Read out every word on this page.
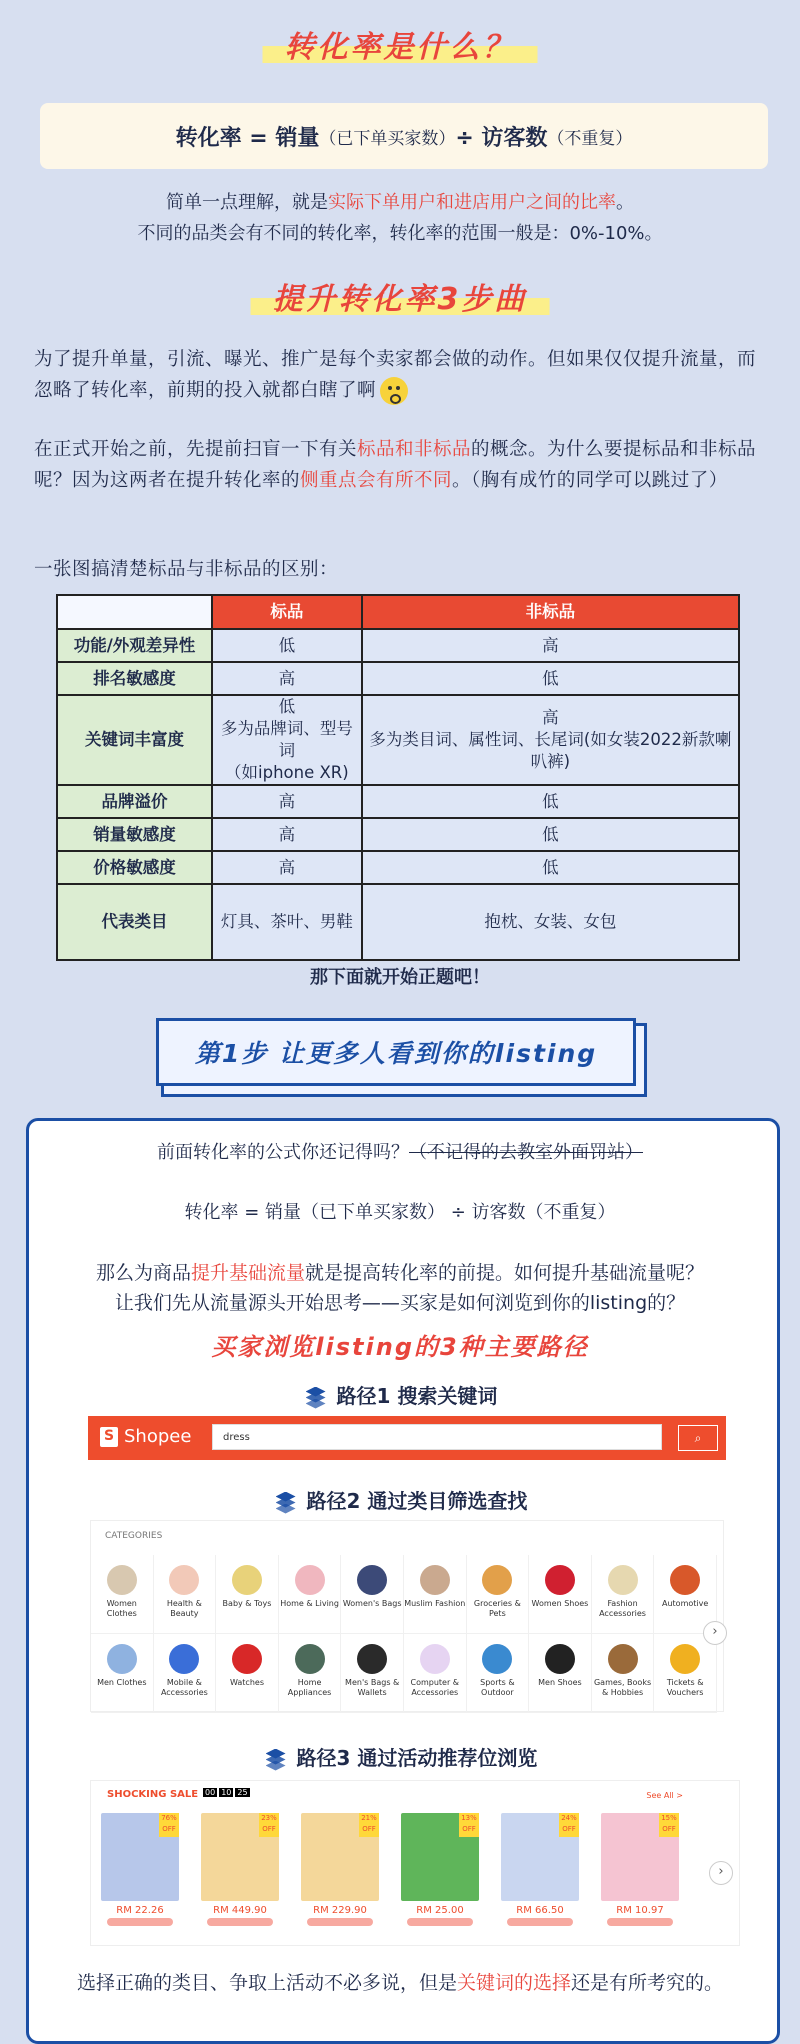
转化率是什么？
转化率 = 销量 （已下单买家数） ÷ 访客数 （不重复）
简单一点理解，就是实际下单用户和进店用户之间的比率。
不同的品类会有不同的转化率，转化率的范围一般是：0%-10%。
提升转化率3步曲
为了提升单量，引流、曝光、推广是每个卖家都会做的动作。但如果仅仅提升流量，而忽略了转化率，前期的投入就都白瞎了啊
在正式开始之前，先提前扫盲一下有关标品和非标品的概念。为什么要提标品和非标品呢？因为这两者在提升转化率的侧重点会有所不同。（胸有成竹的同学可以跳过了）
一张图搞清楚标品与非标品的区别：
	标品	非标品
功能/外观差异性	低	高
排名敏感度	高	低
关键词丰富度	低
多为品牌词、型号词
（如iphone XR)	高
多为类目词、属性词、长尾词(如女装2022新款喇叭裤)
品牌溢价	高	低
销量敏感度	高	低
价格敏感度	高	低
代表类目	灯具、茶叶、男鞋	抱枕、女装、女包
那下面就开始正题吧！
第1步 让更多人看到你的listing
前面转化率的公式你还记得吗？（不记得的去教室外面罚站）
转化率 = 销量（已下单买家数） ÷ 访客数（不重复）
那么为商品提升基础流量就是提高转化率的前提。如何提升基础流量呢？
让我们先从流量源头开始思考——买家是如何浏览到你的listing的？
买家浏览listing的3种主要路径
路径1 搜索关键词
S
Shopee	dress	⌕
路径2 通过类目筛选查找
CATEGORIES
Women Clothes
Health & Beauty
Baby & Toys	Home & Living Women's Bags Muslim Fashion	Groceries & Pets
Women Shoes	Fashion Accessories
Automotive
Men Clothes	Mobile & Accessories
Watches	Home Appliances
Men's Bags & Wallets
Computer & Accessories
Sports & Outdoor
Men Shoes	Games, Books & Hobbies
Tickets & Vouchers
›
路径3 通过活动推荐位浏览
SHOCKING SALE 00 10 25	See All >
76% OFF
RM 22.26
23% OFF
RM 449.90
21% OFF
RM 229.90
13% OFF
RM 25.00
24% OFF
RM 66.50
15% OFF
RM 10.97
›
选择正确的类目、争取上活动不必多说，但是关键词的选择还是有所考究的。
